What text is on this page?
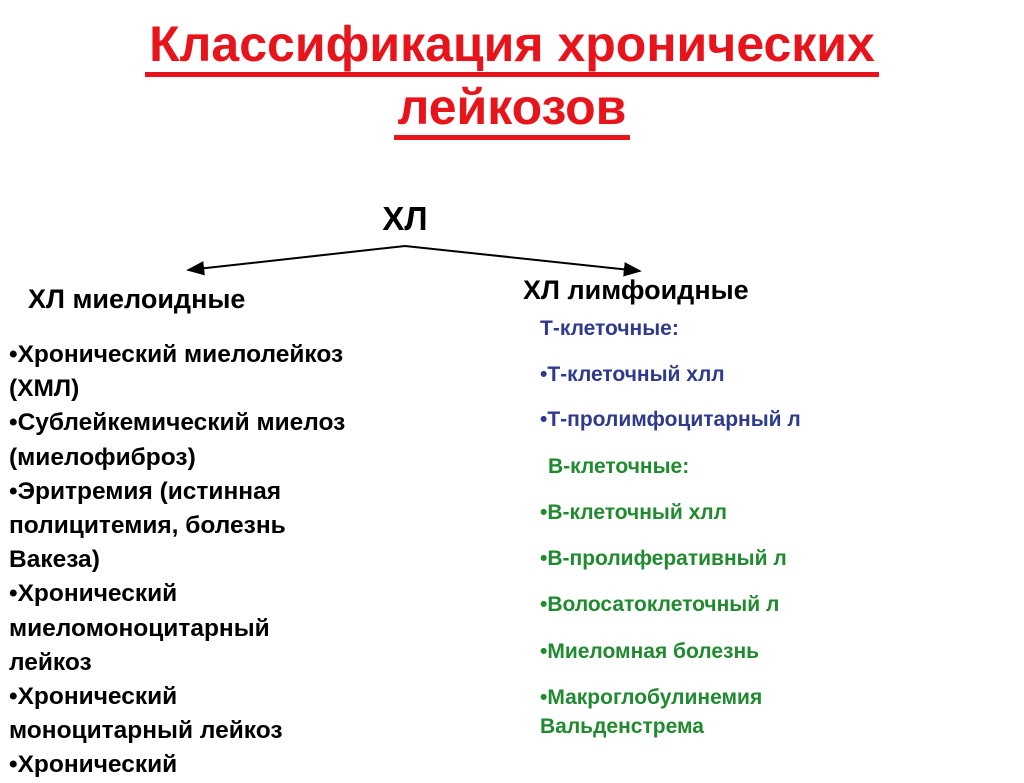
Классификация хронических
лейкозов
ХЛ
ХЛ миелоидные	ХЛ лимфоидные
•Хронический миелолейкоз
(ХМЛ)
•Сублейкемический миелоз
(миелофиброз)
•Эритремия (истинная
полицитемия, болезнь
Вакеза)
•Хронический
миеломоноцитарный
лейкоз
•Хронический
моноцитарный лейкоз
•Хронический
Т-клеточные:
•Т-клеточный хлл
•Т-пролимфоцитарный л
В-клеточные:
•В-клеточный хлл
•В-пролиферативный л
•Волосатоклеточный л
•Миеломная болезнь
•Макроглобулинемия
Вальденстрема
